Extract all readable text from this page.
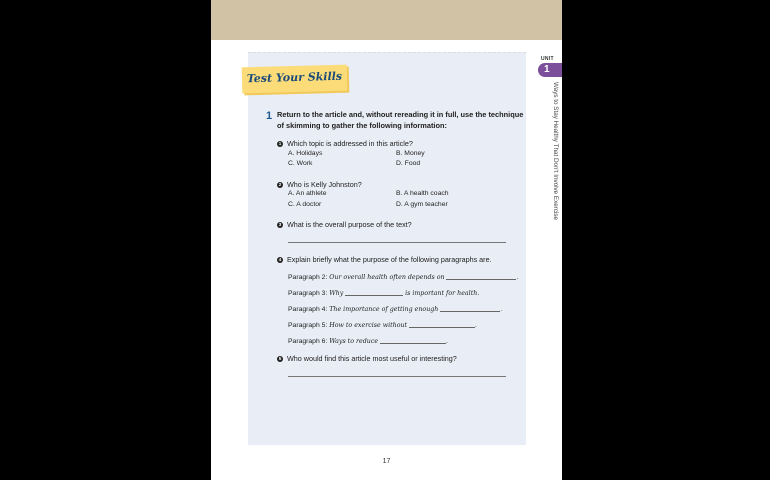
Test Your Skills
1 Return to the article and, without rereading it in full, use the technique
of skimming to gather the following information:
1 Which topic is addressed in this article?
A. Holidays	B. Money
C. Work	D. Food
2 Who is Kelly Johnston?
A. An athlete	B. A health coach
C. A doctor	D. A gym teacher
3 What is the overall purpose of the text?
4 Explain briefly what the purpose of the following paragraphs are.
Paragraph 2: Our overall health often depends on	.
Paragraph 3: Why	is important for health.
Paragraph 4: The importance of getting enough	.
Paragraph 5: How to exercise without	.
Paragraph 6: Ways to reduce	.
5 Who would find this article most useful or interesting?
17
UNIT
1
Ways to Stay Healthy That Don't Involve Exercise
